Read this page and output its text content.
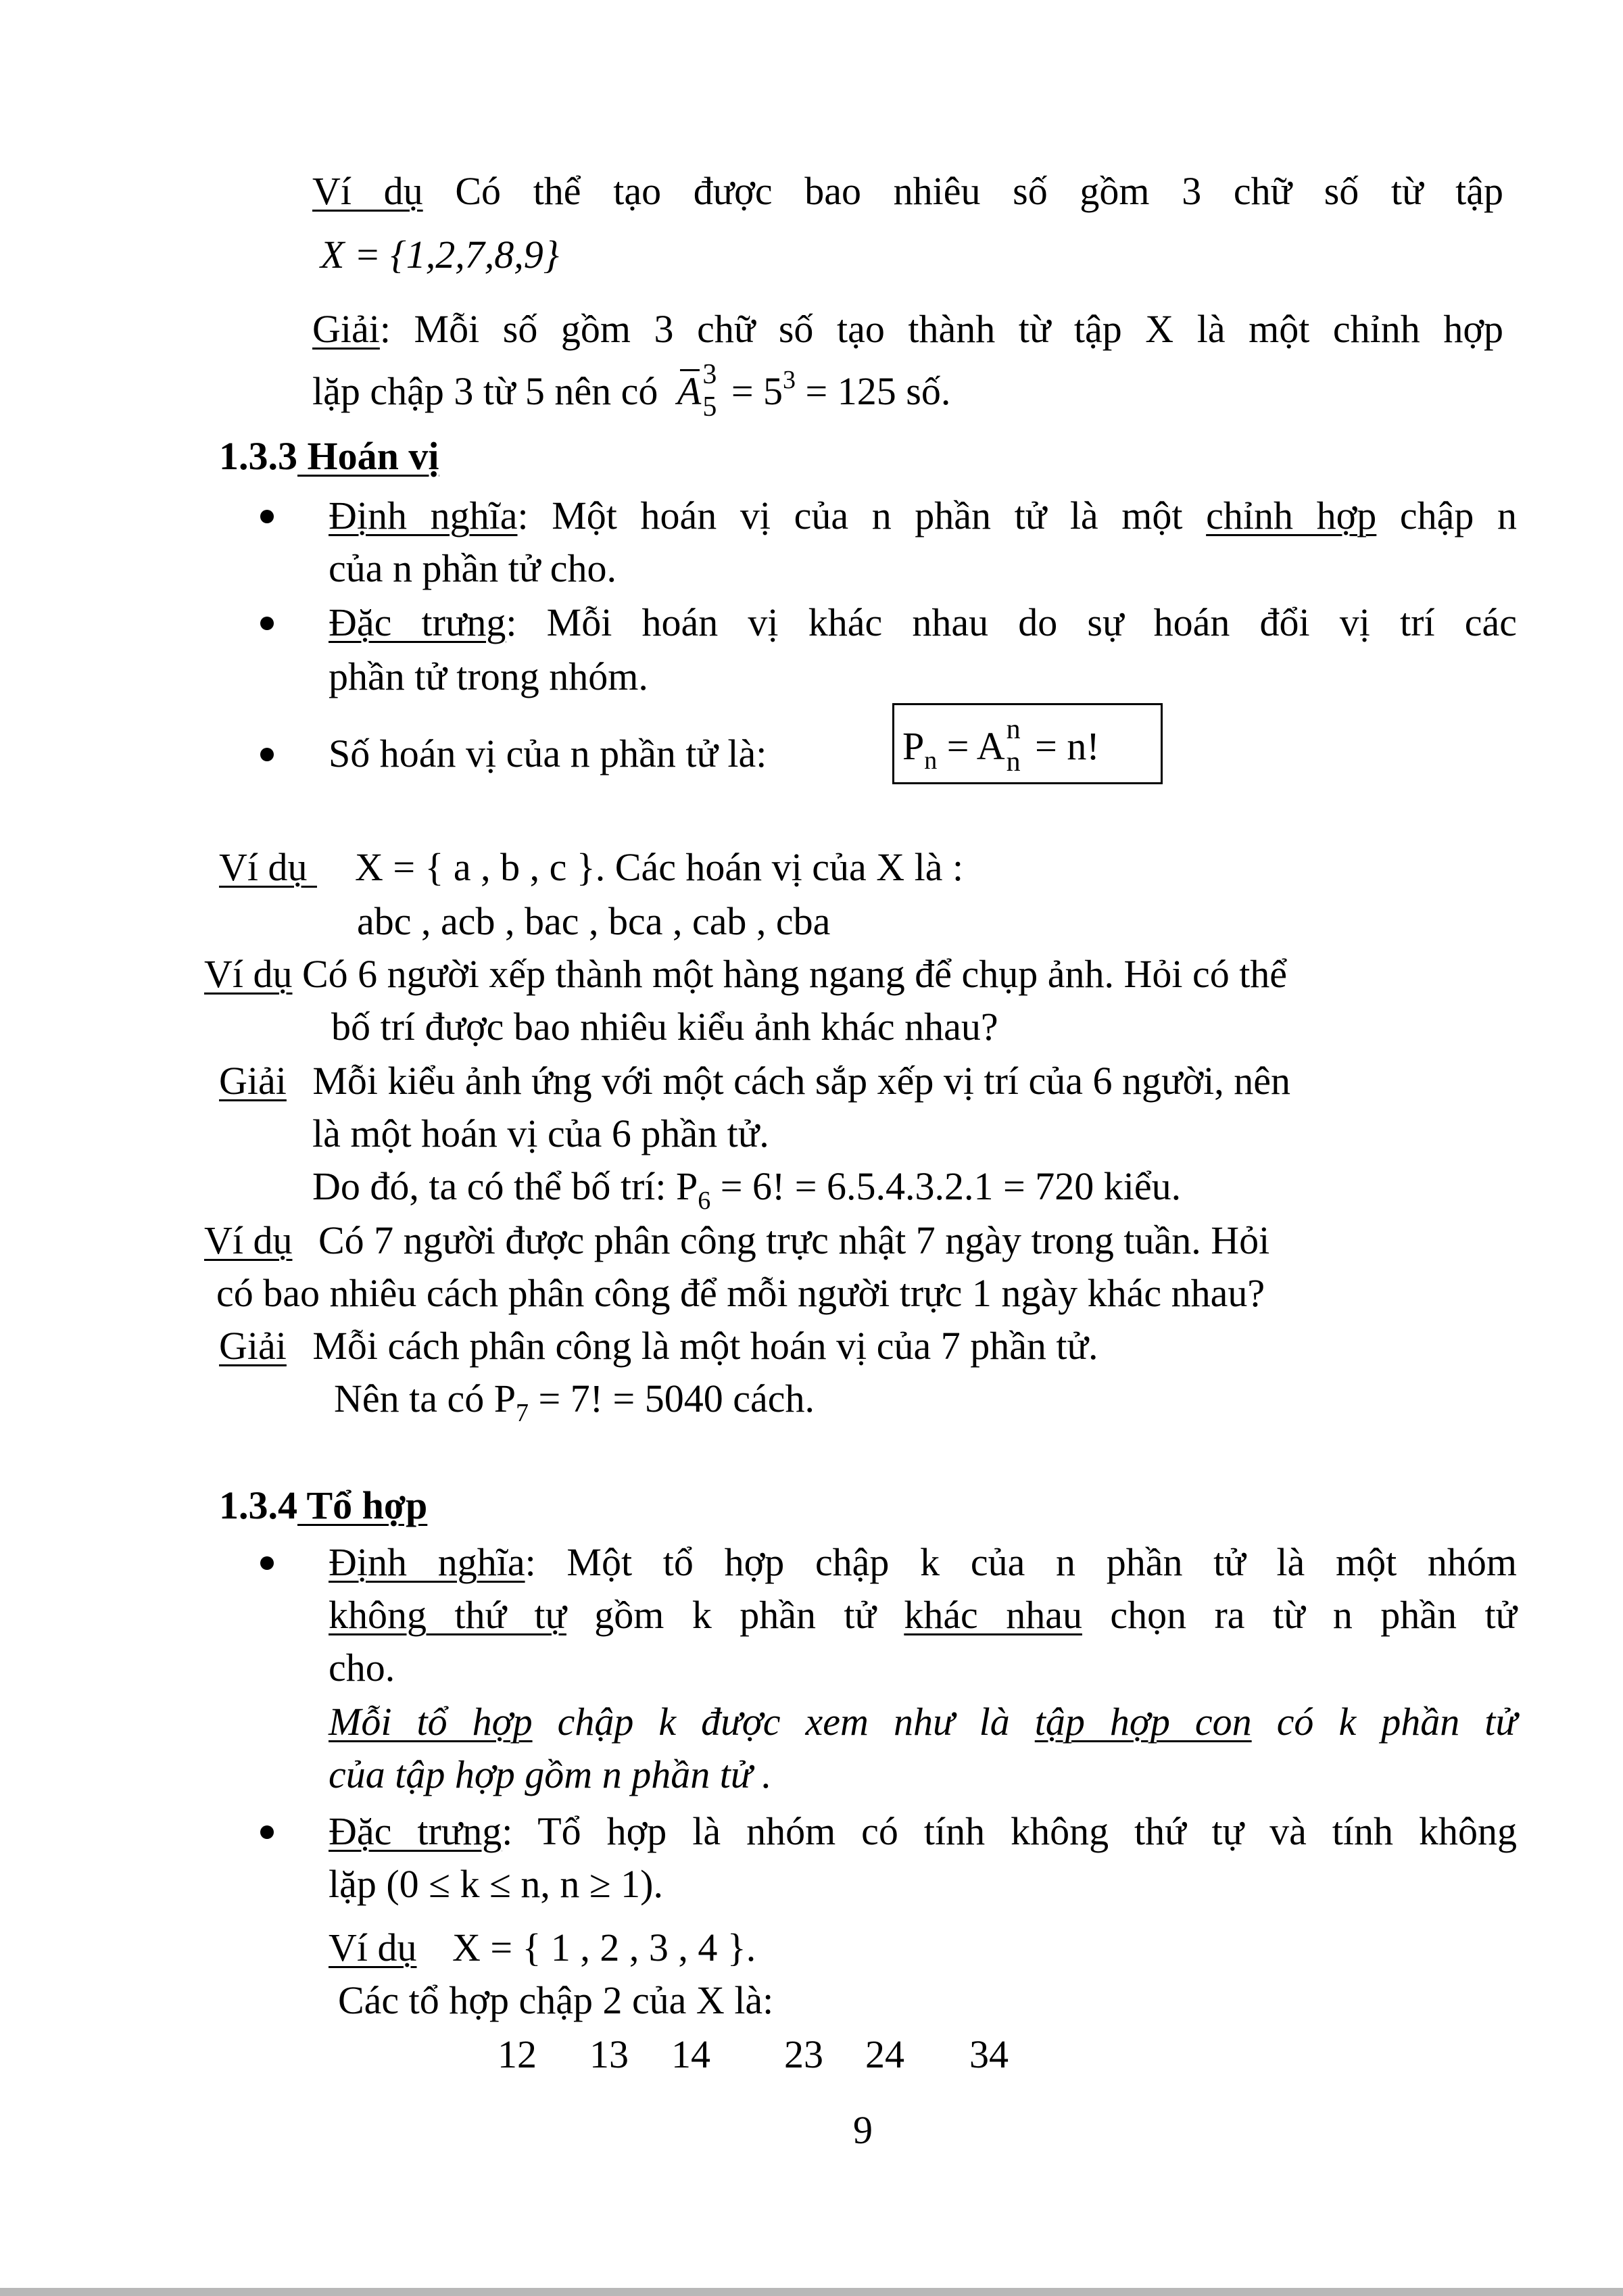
Ví dụ Có thể tạo được bao nhiêu số gồm 3 chữ số từ tập
X = {1,2,7,8,9}
Giải: Mỗi số gồm 3 chữ số tạo thành từ tập X là một chỉnh hợp
lặp chập 3 từ 5 nên có A 3
$5 = 5^3 = 125$ số.
1.3.3 Hoán vị
Định nghĩa: Một hoán vị của n phần tử là một chỉnh hợp chập n
của n phần tử cho.
Đặc trưng: Mỗi hoán vị khác nhau do sự hoán đổi vị trí các
phần tử trong nhóm.
Số hoán vị của n phần tử là:	$P_n = A$ n
n = n!
Ví dụ X = { a , b , c }. Các hoán vị của X là :
abc , acb , bac , bca , cab , cba
Ví dụ Có 6 người xếp thành một hàng ngang để chụp ảnh. Hỏi có thể
bố trí được bao nhiêu kiểu ảnh khác nhau?
Giải Mỗi kiểu ảnh ứng với một cách sắp xếp vị trí của 6 người, nên
là một hoán vị của 6 phần tử.
Do đó, ta có thể bố trí: $P_6 = 6$! = 6.5.4.3.2.1 = 720 kiểu.
Ví dụ Có 7 người được phân công trực nhật 7 ngày trong tuần. Hỏi
có bao nhiêu cách phân công để mỗi người trực 1 ngày khác nhau?
Giải Mỗi cách phân công là một hoán vị của 7 phần tử.
Nên ta có $P_7 = 7$! = 5040 cách.
1.3.4 Tổ hợp
Định nghĩa: Một tổ hợp chập k của n phần tử là một nhóm
không thứ tự gồm k phần tử khác nhau chọn ra từ n phần tử
cho.
Mỗi tổ hợp chập k được xem như là tập hợp con có k phần tử
của tập hợp gồm n phần tử .
Đặc trưng: Tổ hợp là nhóm có tính không thứ tự và tính không
lặp (0 ≤ k ≤ n, n ≥ 1).
Ví dụ X = { 1 , 2 , 3 , 4 }.
Các tổ hợp chập 2 của X là:
12 13 14 23 24 34
9
